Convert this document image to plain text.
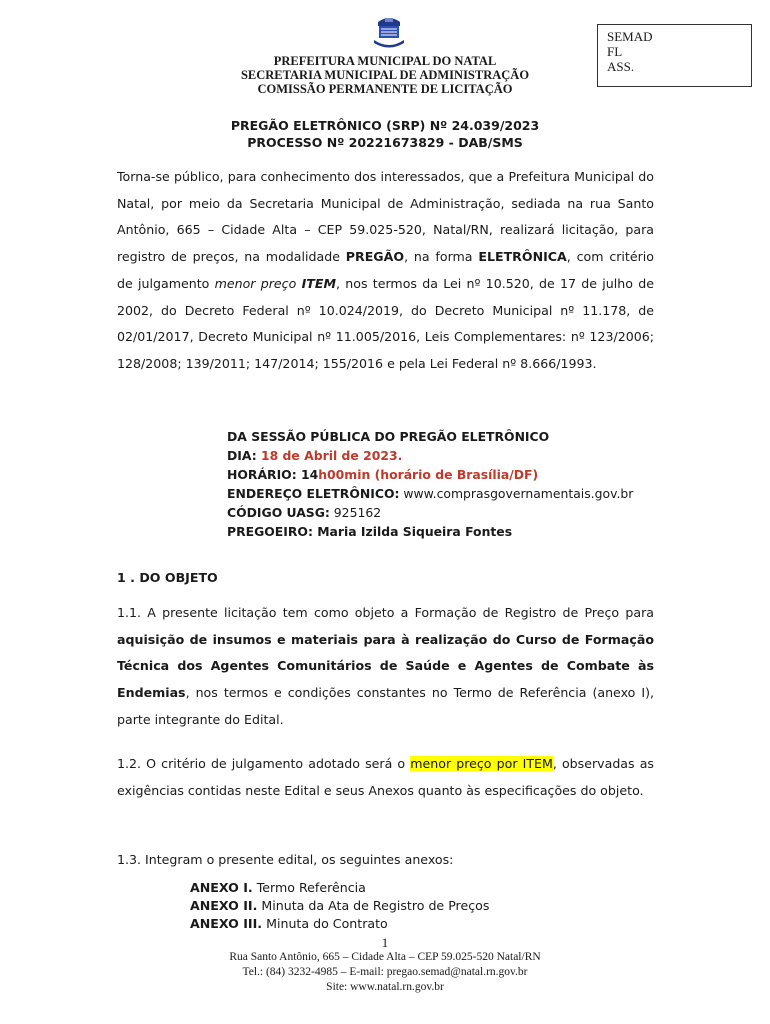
SEMAD
FL
ASS.
PREFEITURA MUNICIPAL DO NATAL
SECRETARIA MUNICIPAL DE ADMINISTRAÇÃO
COMISSÃO PERMANENTE DE LICITAÇÃO
PREGÃO ELETRÔNICO (SRP) Nº 24.039/2023
PROCESSO Nº 20221673829 - DAB/SMS
Torna-se público, para conhecimento dos interessados, que a Prefeitura Municipal do Natal, por meio da Secretaria Municipal de Administração, sediada na rua Santo Antônio, 665 – Cidade Alta – CEP 59.025-520, Natal/RN, realizará licitação, para registro de preços, na modalidade PREGÃO, na forma ELETRÔNICA, com critério de julgamento menor preço ITEM, nos termos da Lei nº 10.520, de 17 de julho de 2002, do Decreto Federal nº 10.024/2019, do Decreto Municipal nº 11.178, de 02/01/2017, Decreto Municipal nº 11.005/2016, Leis Complementares: nº 123/2006; 128/2008; 139/2011; 147/2014; 155/2016 e pela Lei Federal nº 8.666/1993.
DA SESSÃO PÚBLICA DO PREGÃO ELETRÔNICO
DIA: 18 de Abril de 2023.
HORÁRIO: 14h00min (horário de Brasília/DF)
ENDEREÇO ELETRÔNICO: www.comprasgovernamentais.gov.br
CÓDIGO UASG: 925162
PREGOEIRO: Maria Izilda Siqueira Fontes
1 . DO OBJETO
1.1. A presente licitação tem como objeto a Formação de Registro de Preço para aquisição de insumos e materiais para à realização do Curso de Formação Técnica dos Agentes Comunitários de Saúde e Agentes de Combate às Endemias, nos termos e condições constantes no Termo de Referência (anexo I), parte integrante do Edital.
1.2. O critério de julgamento adotado será o menor preço por ITEM, observadas as exigências contidas neste Edital e seus Anexos quanto às especificações do objeto.
1.3. Integram o presente edital, os seguintes anexos:
ANEXO I. Termo Referência
ANEXO II. Minuta da Ata de Registro de Preços
ANEXO III. Minuta do Contrato
1
Rua Santo Antônio, 665 – Cidade Alta – CEP 59.025-520 Natal/RN
Tel.: (84) 3232-4985 – E-mail: pregao.semad@natal.rn.gov.br
Site: www.natal.rn.gov.br
